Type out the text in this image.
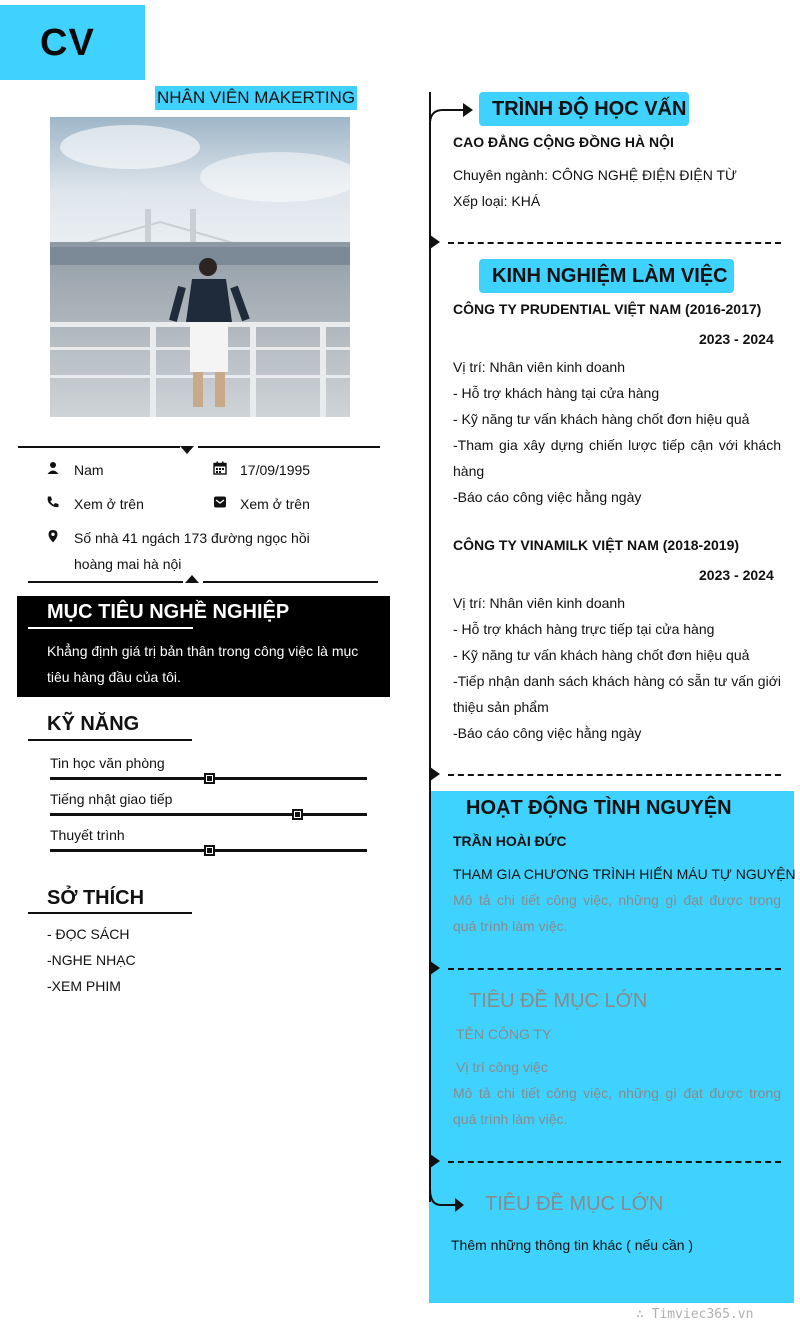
CV
NHÂN VIÊN MAKERTING
Nam	17/09/1995
Xem ở trên	Xem ở trên
Số nhà 41 ngách 173 đường ngọc hồi
hoàng mai hà nội
MỤC TIÊU NGHỀ NGHIỆP
Khẳng định giá trị bản thân trong công việc là mục
tiêu hàng đầu của tôi.
KỸ NĂNG
Tin học văn phòng
Tiếng nhật giao tiếp
Thuyết trình
SỞ THÍCH
- ĐỌC SÁCH
-NGHE NHẠC
-XEM PHIM
TRÌNH ĐỘ HỌC VẤN
CAO ĐẲNG CỘNG ĐỒNG HÀ NỘI
Chuyên ngành: CÔNG NGHỆ ĐIỆN ĐIỆN TỪ
Xếp loại: KHÁ
KINH NGHIỆM LÀM VIỆC
CÔNG TY PRUDENTIAL VIỆT NAM (2016-2017)
2023 - 2024
Vị trí: Nhân viên kinh doanh
- Hỗ trợ khách hàng tại cửa hàng
- Kỹ năng tư vấn khách hàng chốt đơn hiệu quả
-Tham gia xây dựng chiến lược tiếp cận với khách hàng
-Báo cáo công việc hằng ngày
CÔNG TY VINAMILK VIỆT NAM (2018-2019)
2023 - 2024
Vị trí: Nhân viên kinh doanh
- Hỗ trợ khách hàng trực tiếp tại cửa hàng
- Kỹ năng tư vấn khách hàng chốt đơn hiệu quả
-Tiếp nhận danh sách khách hàng có sẵn tư vấn giới thiệu sản phẩm
-Báo cáo công việc hằng ngày
HOẠT ĐỘNG TÌNH NGUYỆN
TRẦN HOÀI ĐỨC
THAM GIA CHƯƠNG TRÌNH HIẾN MÁU TỰ NGUYỆN
Mô tả chi tiết công việc, những gì đạt được trong quá trình làm việc.
TIÊU ĐỀ MỤC LỚN
TÊN CÔNG TY
Vị trí công việc
Mô tả chi tiết công việc, những gì đạt được trong quá trình làm việc.
TIÊU ĐỀ MỤC LỚN
Thêm những thông tin khác ( nếu cần )
∴ Timviec365.vn
